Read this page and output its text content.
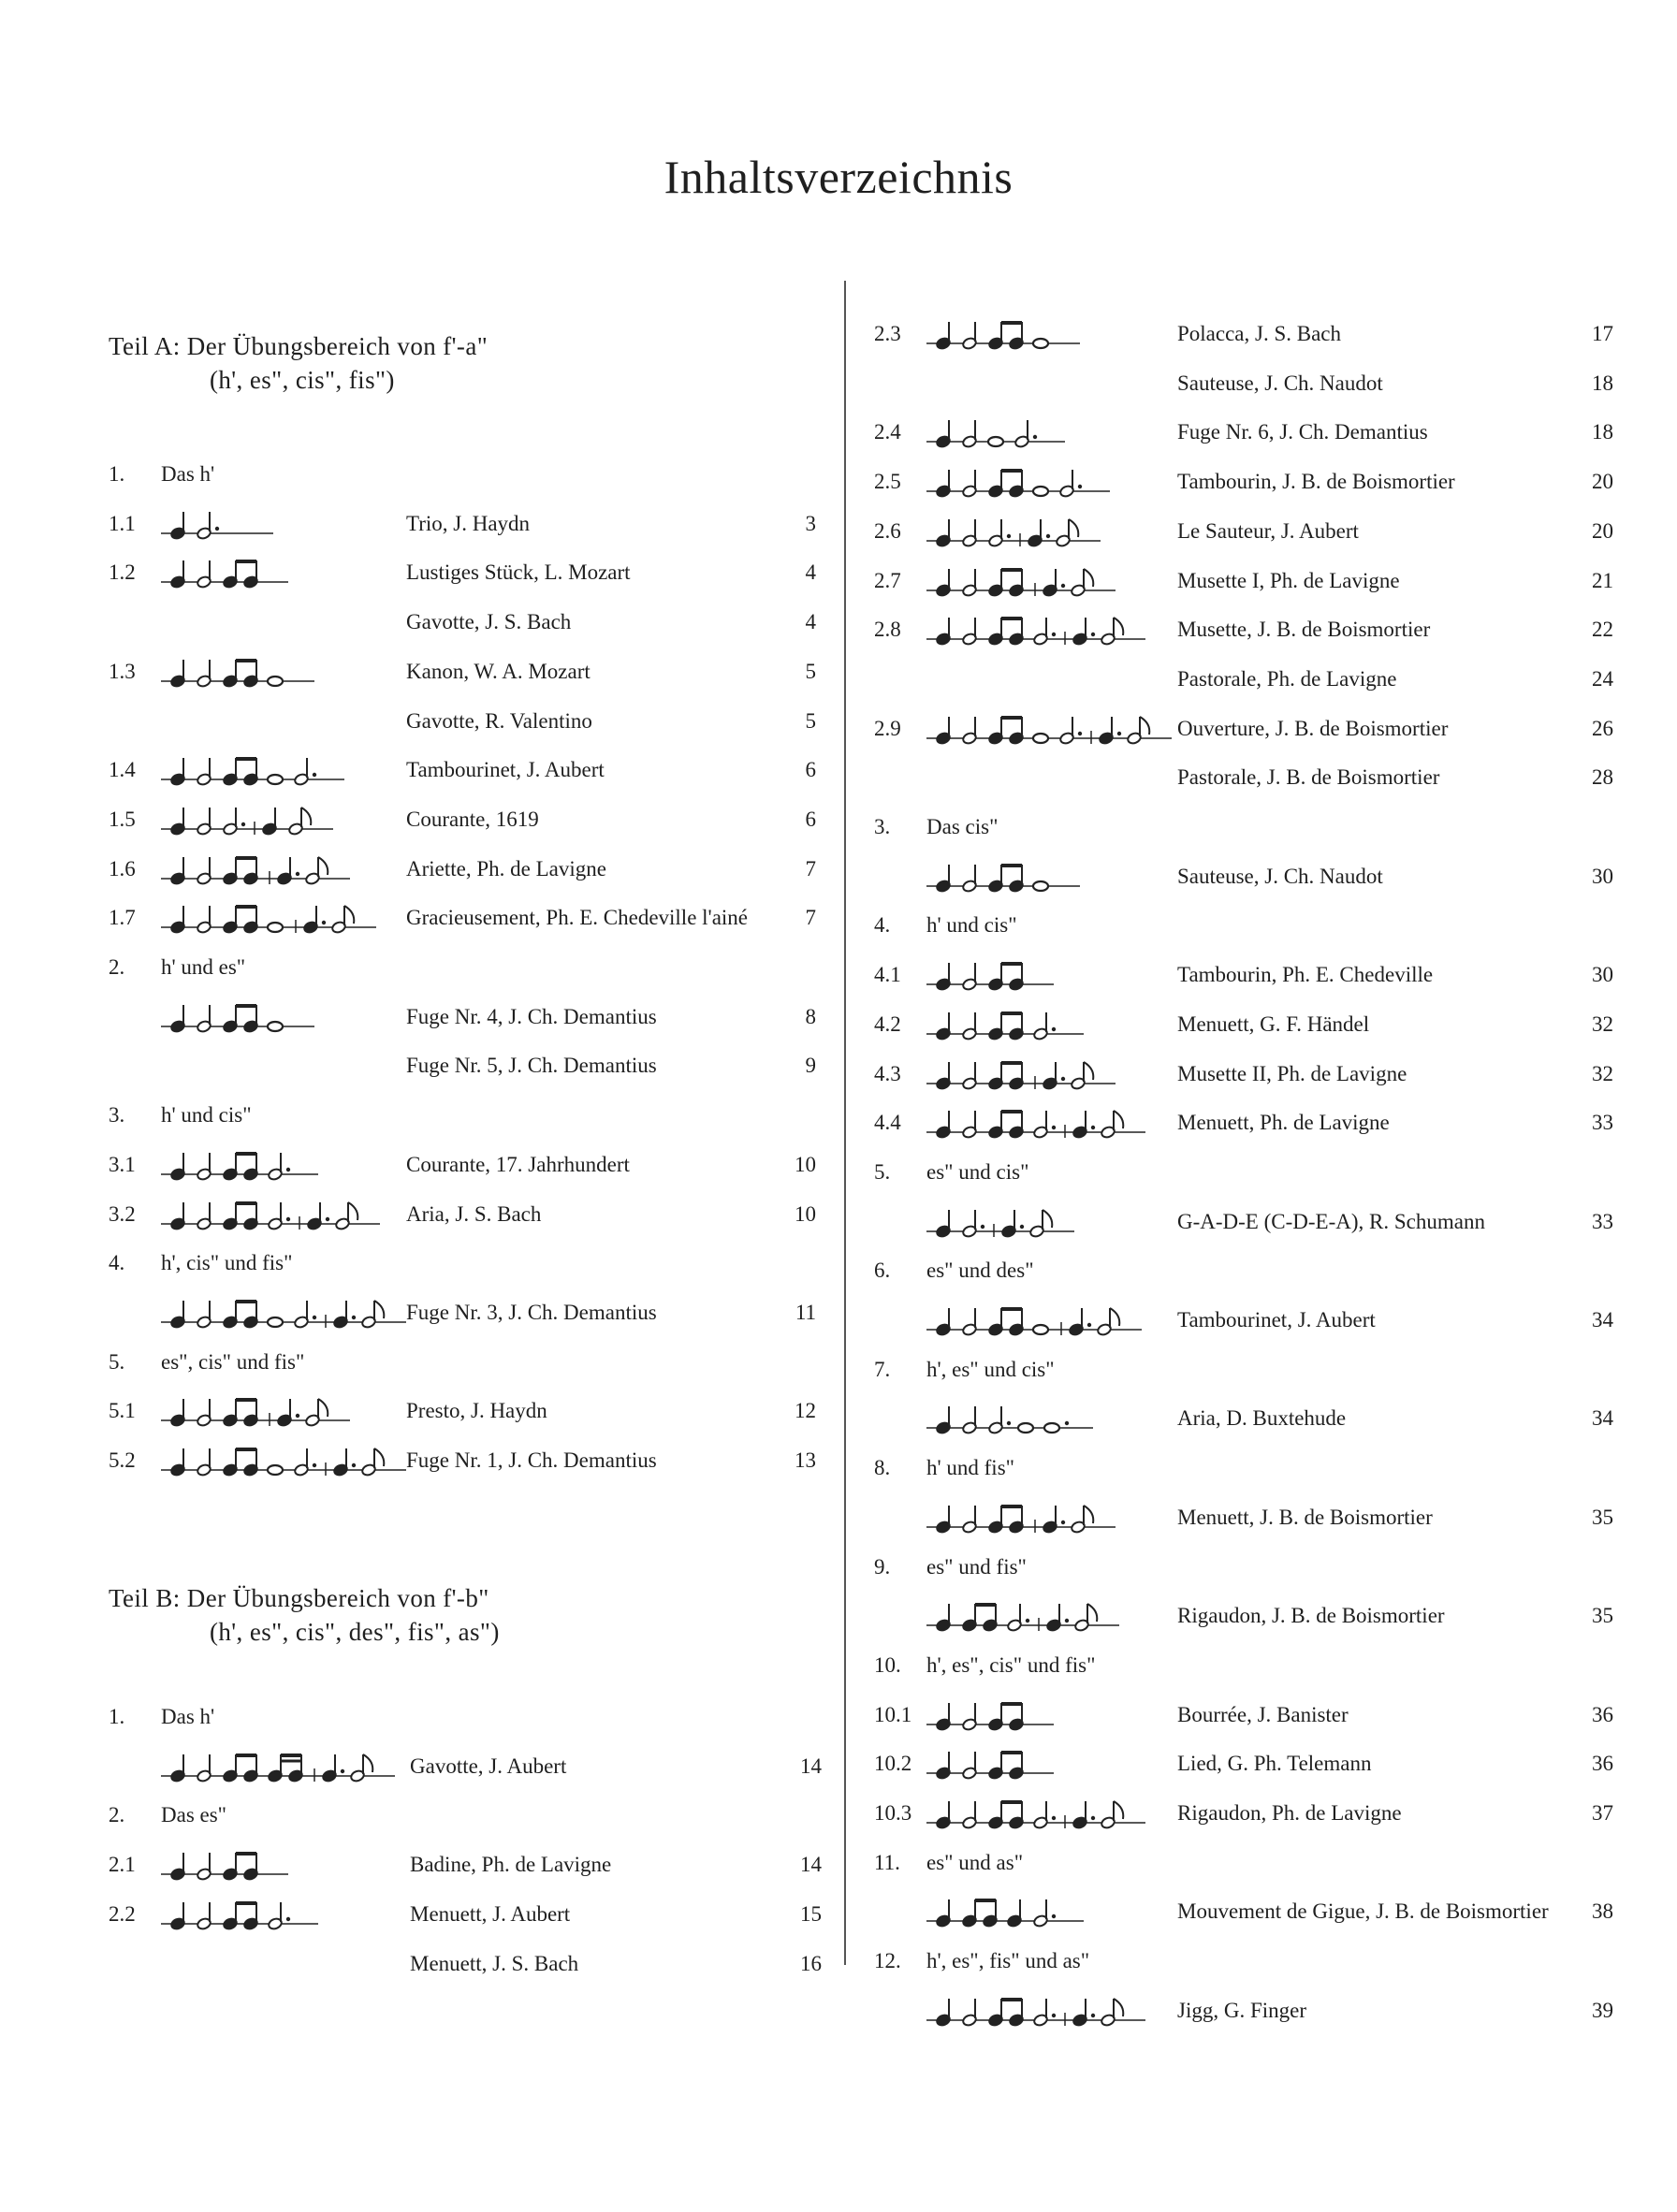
Inhaltsverzeichnis
Teil A: Der Übungsbereich von f'-a"
(h', es", cis", fis")
Teil B: Der Übungsbereich von f'-b"
(h', es", cis", des", fis", as")
1. Das h'
1.1	Trio, J. Haydn	3
1.2	Lustiges Stück, L. Mozart	4
Gavotte, J. S. Bach	4
1.3	Kanon, W. A. Mozart	5
Gavotte, R. Valentino	5
1.4	Tambourinet, J. Aubert	6
1.5	Courante, 1619	6
1.6	Ariette, Ph. de Lavigne	7
1.7	Gracieusement, Ph. E. Chedeville l'ainé	7
2. h' und es"
Fuge Nr. 4, J. Ch. Demantius	8
Fuge Nr. 5, J. Ch. Demantius	9
3. h' und cis"
3.1	Courante, 17. Jahrhundert	10
3.2	Aria, J. S. Bach	10
4. h', cis" und fis"
Fuge Nr. 3, J. Ch. Demantius	11
5. es", cis" und fis"
5.1	Presto, J. Haydn	12
5.2	Fuge Nr. 1, J. Ch. Demantius	13
1. Das h'
Gavotte, J. Aubert	14
2. Das es"
2.1	Badine, Ph. de Lavigne	14
2.2	Menuett, J. Aubert	15
Menuett, J. S. Bach	16
2.3	Polacca, J. S. Bach	17
Sauteuse, J. Ch. Naudot	18
2.4	Fuge Nr. 6, J. Ch. Demantius	18
2.5	Tambourin, J. B. de Boismortier	20
2.6	Le Sauteur, J. Aubert	20
2.7	Musette I, Ph. de Lavigne	21
2.8	Musette, J. B. de Boismortier	22
Pastorale, Ph. de Lavigne	24
2.9	Ouverture, J. B. de Boismortier	26
Pastorale, J. B. de Boismortier	28
3. Das cis"
Sauteuse, J. Ch. Naudot	30
4. h' und cis"
4.1	Tambourin, Ph. E. Chedeville	30
4.2	Menuett, G. F. Händel	32
4.3	Musette II, Ph. de Lavigne	32
4.4	Menuett, Ph. de Lavigne	33
5. es" und cis"
G-A-D-E (C-D-E-A), R. Schumann	33
6. es" und des"
Tambourinet, J. Aubert	34
7. h', es" und cis"
Aria, D. Buxtehude	34
8. h' und fis"
Menuett, J. B. de Boismortier	35
9. es" und fis"
Rigaudon, J. B. de Boismortier	35
10. h', es", cis" und fis"
10.1	Bourrée, J. Banister	36
10.2	Lied, G. Ph. Telemann	36
10.3	Rigaudon, Ph. de Lavigne	37
11. es" und as"
Mouvement de Gigue, J. B. de Boismortier	38
12. h', es", fis" und as"
Jigg, G. Finger	39
